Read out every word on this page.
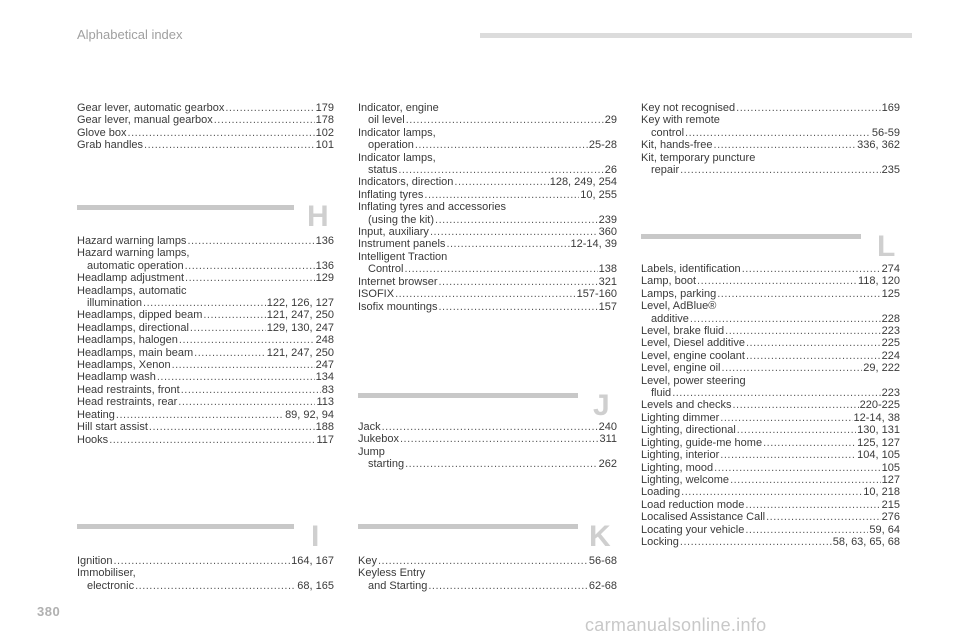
Alphabetical index
Gear lever, automatic gearbox .....	179
Gear lever, manual gearbox .....	178
Glove box .....	102
Grab handles .....	101
H
Hazard warning lamps .....	136
Hazard warning lamps,
automatic operation .....	136
Headlamp adjustment .....	129
Headlamps, automatic
illumination .....	122, 126, 127
Headlamps, dipped beam .....	121, 247, 250
Headlamps, directional .....	129, 130, 247
Headlamps, halogen .....	248
Headlamps, main beam .....	121, 247, 250
Headlamps, Xenon .....	247
Headlamp wash .....	134
Head restraints, front .....	83
Head restraints, rear .....	113
Heating .....	89, 92, 94
Hill start assist .....	188
Hooks .....	117
I
Ignition .....	164, 167
Immobiliser,
electronic .....	68, 165
Indicator, engine
oil level .....	29
Indicator lamps,
operation .....	25-28
Indicator lamps,
status .....	26
Indicators, direction .....	128, 249, 254
Inflating tyres .....	10, 255
Inflating tyres and accessories
(using the kit) .....	239
Input, auxiliary .....	360
Instrument panels .....	12-14, 39
Intelligent Traction
Control .....	138
Internet browser .....	321
ISOFIX .....	157-160
Isofix mountings .....	157
J
Jack .....	240
Jukebox .....	311
Jump
starting .....	262
K
Key .....	56-68
Keyless Entry
and Starting .....	62-68
Key not recognised .....	169
Key with remote
control .....	56-59
Kit, hands-free .....	336, 362
Kit, temporary puncture
repair .....	235
L
Labels, identification .....	274
Lamp, boot .....	118, 120
Lamps, parking .....	125
Level, AdBlue®
additive .....	228
Level, brake fluid .....	223
Level, Diesel additive .....	225
Level, engine coolant .....	224
Level, engine oil .....	29, 222
Level, power steering
fluid .....	223
Levels and checks .....	220-225
Lighting dimmer .....	12-14, 38
Lighting, directional .....	130, 131
Lighting, guide-me home .....	125, 127
Lighting, interior .....	104, 105
Lighting, mood .....	105
Lighting, welcome .....	127
Loading .....	10, 218
Load reduction mode .....	215
Localised Assistance Call .....	276
Locating your vehicle .....	59, 64
Locking .....	58, 63, 65, 68
380
carmanualsonline.info
